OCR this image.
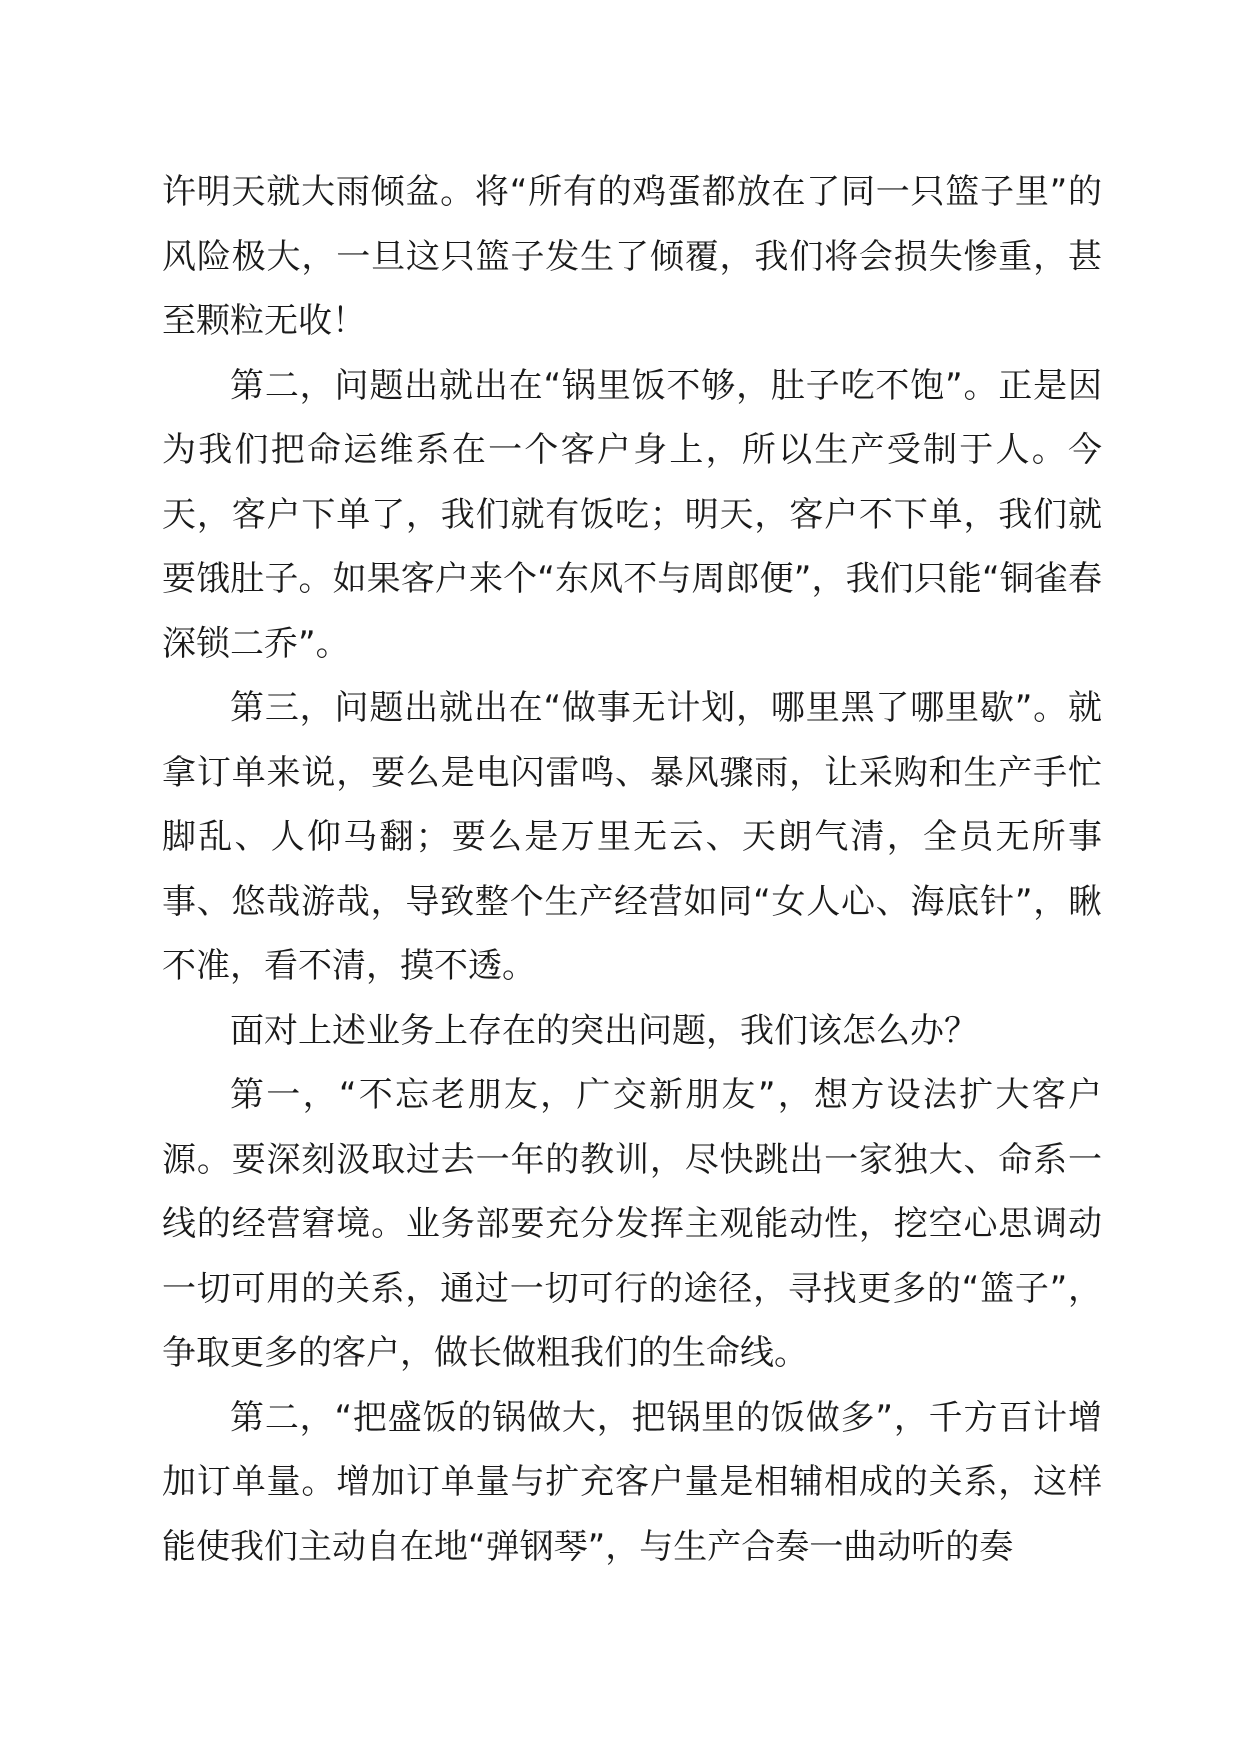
许明天就大雨倾盆。将“所有的鸡蛋都放在了同一只篮子里”的风险极大，一旦这只篮子发生了倾覆，我们将会损失惨重，甚至颗粒无收！

第二，问题出就出在“锅里饭不够，肚子吃不饱”。正是因为我们把命运维系在一个客户身上，所以生产受制于人。今天，客户下单了，我们就有饭吃；明天，客户不下单，我们就要饿肚子。如果客户来个“东风不与周郎便”，我们只能“铜雀春深锁二乔”。

第三，问题出就出在“做事无计划，哪里黑了哪里歇”。就拿订单来说，要么是电闪雷鸣、暴风骤雨，让采购和生产手忙脚乱、人仰马翻；要么是万里无云、天朗气清，全员无所事事、悠哉游哉，导致整个生产经营如同“女人心、海底针”，瞅不准，看不清，摸不透。

面对上述业务上存在的突出问题，我们该怎么办？

第一，“不忘老朋友，广交新朋友”，想方设法扩大客户源。要深刻汲取过去一年的教训，尽快跳出一家独大、命系一线的经营窘境。业务部要充分发挥主观能动性，挖空心思调动一切可用的关系，通过一切可行的途径，寻找更多的“篮子”，争取更多的客户，做长做粗我们的生命线。

第二，“把盛饭的锅做大，把锅里的饭做多”，千方百计增加订单量。增加订单量与扩充客户量是相辅相成的关系，这样能使我们主动自在地“弹钢琴”，与生产合奏一曲动听的奏
